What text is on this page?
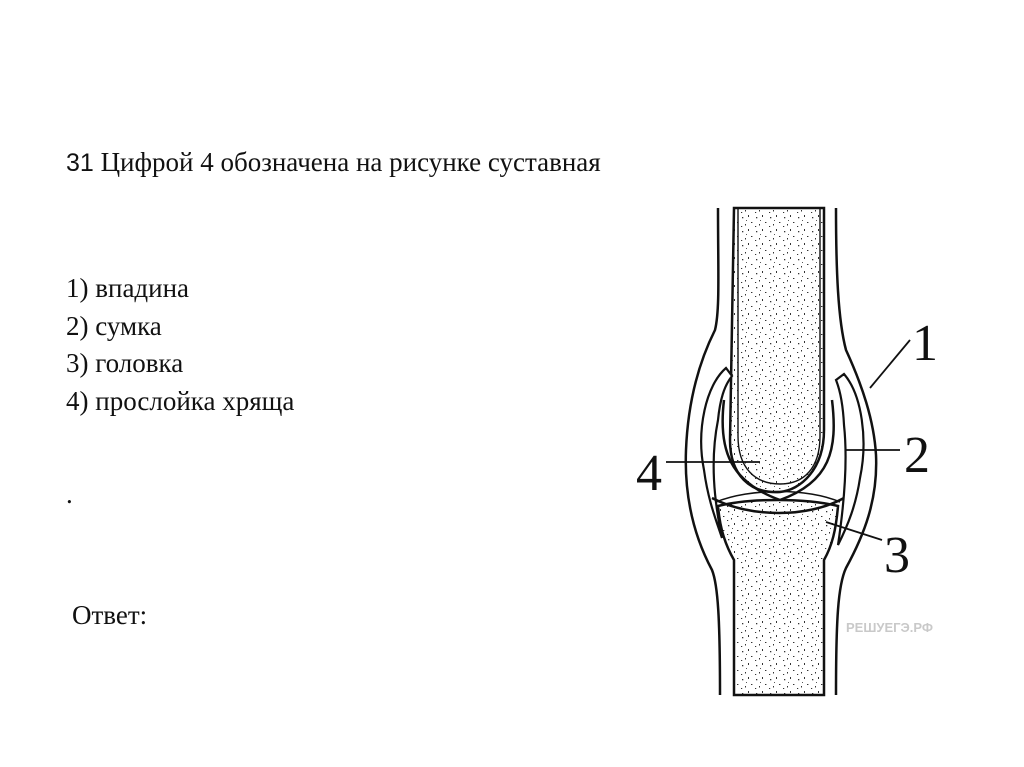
31 Цифрой 4 обозначена на рисунке суставная
1) впадина
2) сумка
3) головка
4) прослойка хряща
.
Ответ:
1
2
3
4
РЕШУЕГЭ.РФ
